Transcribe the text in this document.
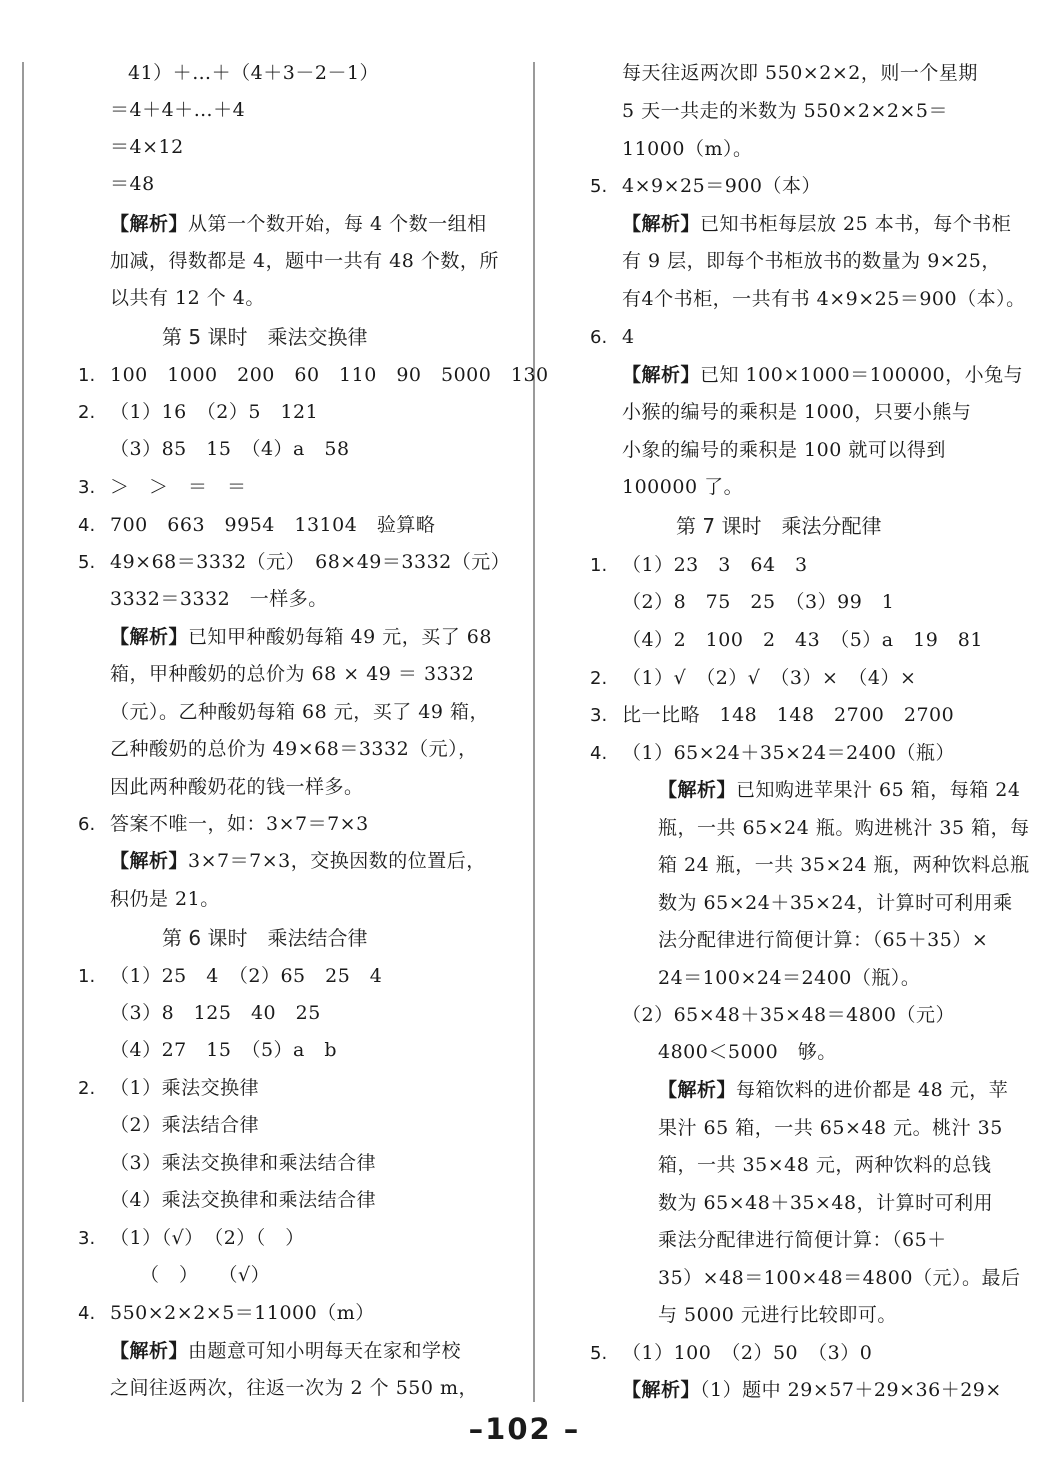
41）＋…＋（4＋3－2－1）
＝4＋4＋…＋4
＝4×12
＝48
【解析】从第一个数开始，每 4 个数一组相
加减，得数都是 4，题中一共有 48 个数，所
以共有 12 个 4。
第 5 课时　乘法交换律
1. 100　1000　200　60　110　90　5000　130
2. （1）16　（2）5　121
（3）85　15　（4）a　58
3. ＞　＞　＝　＝
4. 700　663　9954　13104　验算略
5. 49×68＝3332（元）　68×49＝3332（元）
3332＝3332　一样多。
【解析】已知甲种酸奶每箱 49 元，买了 68
箱，甲种酸奶的总价为 68 × 49 ＝ 3332
（元）。乙种酸奶每箱 68 元，买了 49 箱，
乙种酸奶的总价为 49×68＝3332（元），
因此两种酸奶花的钱一样多。
6. 答案不唯一，如：3×7＝7×3
【解析】3×7＝7×3，交换因数的位置后，
积仍是 21。
第 6 课时　乘法结合律
1. （1）25　4　（2）65　25　4
（3）8　125　40　25
（4）27　15　（5）a　b
2. （1）乘法交换律
（2）乘法结合律
（3）乘法交换律和乘法结合律
（4）乘法交换律和乘法结合律
3. （1）（√）　（2）（　）
（　）　　（√）
4. 550×2×2×5＝11000（m）
【解析】由题意可知小明每天在家和学校
之间往返两次，往返一次为 2 个 550 m，
每天往返两次即 550×2×2，则一个星期
5 天一共走的米数为 550×2×2×5＝
11000（m）。
5. 4×9×25＝900（本）
【解析】已知书柜每层放 25 本书，每个书柜
有 9 层，即每个书柜放书的数量为 9×25，
有4个书柜，一共有书 4×9×25＝900（本）。
6. 4
【解析】已知 100×1000＝100000，小兔与
小猴的编号的乘积是 1000，只要小熊与
小象的编号的乘积是 100 就可以得到
100000 了。
第 7 课时　乘法分配律
1. （1）23　3　64　3
（2）8　75　25　（3）99　1
（4）2　100　2　43　（5）a　19　81
2. （1）√　（2）√　（3）×　（4）×
3. 比一比略　148　148　2700　2700
4. （1）65×24＋35×24＝2400（瓶）
【解析】已知购进苹果汁 65 箱，每箱 24
瓶，一共 65×24 瓶。购进桃汁 35 箱，每
箱 24 瓶，一共 35×24 瓶，两种饮料总瓶
数为 65×24＋35×24，计算时可利用乘
法分配律进行简便计算：（65＋35）×
24＝100×24＝2400（瓶）。
（2）65×48＋35×48＝4800（元）
4800＜5000　够。
【解析】每箱饮料的进价都是 48 元，苹
果汁 65 箱，一共 65×48 元。桃汁 35
箱，一共 35×48 元，两种饮料的总钱
数为 65×48＋35×48，计算时可利用
乘法分配律进行简便计算：（65＋
35）×48＝100×48＝4800（元）。最后
与 5000 元进行比较即可。
5. （1）100　（2）50　（3）0
【解析】（1）题中 29×57＋29×36＋29×
–102 –
